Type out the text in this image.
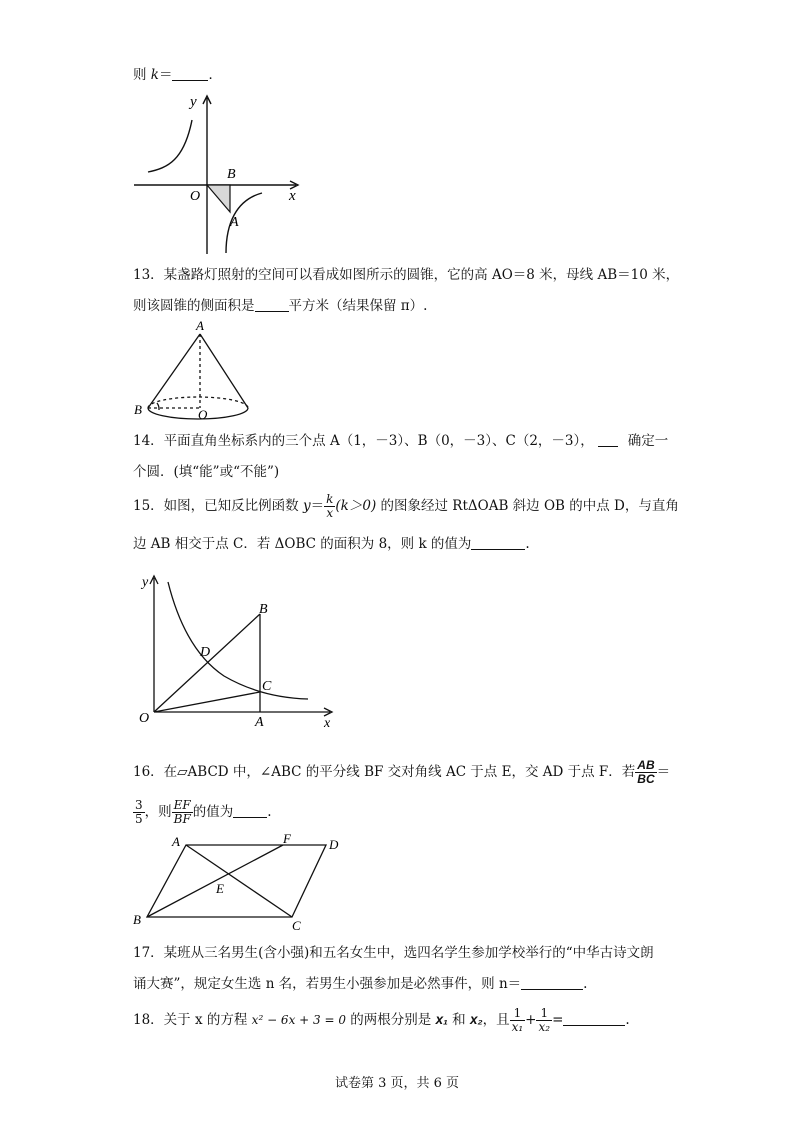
则 k＝	．
y
x
O
B
A
13．某盏路灯照射的空间可以看成如图所示的圆锥，它的高 AO＝8 米，母线 AB＝10 米，
则该圆锥的侧面积是	平方米（结果保留 π）.
A
B	O
14．平面直角坐标系内的三个点 A（1，－3）、B（0，－3）、C（2，－3），	确定一
个圆．(填“能”或“不能”)
15．如图，已知反比例函数 $y= \frac{k}{x} (k>0)$ 的图象经过 RtΔOAB 斜边 OB 的中点 D，与直角
边 AB 相交于点 C．若 ΔOBC 的面积为 8，则 k 的值为	.
y
x
O	A
B
C
D
16．在▱ABCD 中，∠ABC 的平分线 BF 交对角线 AC 于点 E，交 AD 于点 F．若 $\frac{AB}{BC}$ ＝
$\frac{3}{5}$ ，则 $\frac{EF}{BF}$ 的值为	.
A	F	D
E
B	C
17．某班从三名男生(含小强)和五名女生中，选四名学生参加学校举行的“中华古诗文朗
诵大赛”，规定女生选 n 名，若男生小强参加是必然事件，则 n＝	.
18．关于 x 的方程 x² − 6x + 3 = 0 的两根分别是 x₁ 和 x₂，且 $\frac{1}{\text{x₁}} + \frac{1}{\text{x₂}}$ =	.
试卷第 3 页，共 6 页
